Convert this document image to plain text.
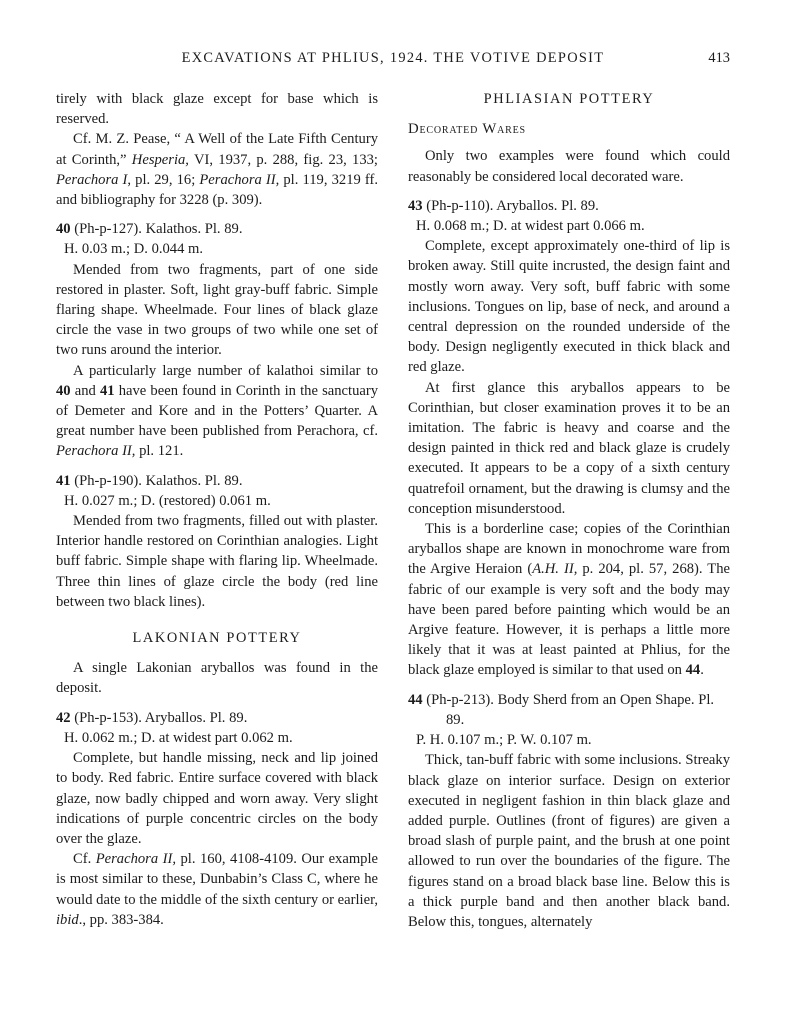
EXCAVATIONS AT PHLIUS, 1924. THE VOTIVE DEPOSIT	413

tirely with black glaze except for base which is reserved.

Cf. M. Z. Pease, “ A Well of the Late Fifth Century at Corinth,” Hesperia, VI, 1937, p. 288, fig. 23, 133; Perachora I, pl. 29, 16; Perachora II, pl. 119, 3219 ff. and bibliography for 3228 (p. 309).

40 (Ph-p-127). Kalathos. Pl. 89.

H. 0.03 m.; D. 0.044 m.

Mended from two fragments, part of one side restored in plaster. Soft, light gray-buff fabric. Simple flaring shape. Wheelmade. Four lines of black glaze circle the vase in two groups of two while one set of two runs around the interior.

A particularly large number of kalathoi similar to 40 and 41 have been found in Corinth in the sanctuary of Demeter and Kore and in the Potters’ Quarter. A great number have been published from Perachora, cf. Perachora II, pl. 121.

41 (Ph-p-190). Kalathos. Pl. 89.

H. 0.027 m.; D. (restored) 0.061 m.

Mended from two fragments, filled out with plaster. Interior handle restored on Corinthian analogies. Light buff fabric. Simple shape with flaring lip. Wheelmade. Three thin lines of glaze circle the body (red line between two black lines).

LAKONIAN POTTERY

A single Lakonian aryballos was found in the deposit.

42 (Ph-p-153). Aryballos. Pl. 89.

H. 0.062 m.; D. at widest part 0.062 m.

Complete, but handle missing, neck and lip joined to body. Red fabric. Entire surface covered with black glaze, now badly chipped and worn away. Very slight indications of purple concentric circles on the body over the glaze.

Cf. Perachora II, pl. 160, 4108-4109. Our example is most similar to these, Dunbabin’s Class C, where he would date to the middle of the sixth century or earlier, ibid., pp. 383-384.

PHLIASIAN POTTERY
Decorated Wares

Only two examples were found which could reasonably be considered local decorated ware.

43 (Ph-p-110). Aryballos. Pl. 89.

H. 0.068 m.; D. at widest part 0.066 m.

Complete, except approximately one-third of lip is broken away. Still quite incrusted, the design faint and mostly worn away. Very soft, buff fabric with some inclusions. Tongues on lip, base of neck, and around a central depression on the rounded underside of the body. Design negligently executed in thick black and red glaze.

At first glance this aryballos appears to be Corinthian, but closer examination proves it to be an imitation. The fabric is heavy and coarse and the design painted in thick red and black glaze is crudely executed. It appears to be a copy of a sixth century quatrefoil ornament, but the drawing is clumsy and the conception misunderstood.

This is a borderline case; copies of the Corinthian aryballos shape are known in monochrome ware from the Argive Heraion (A.H. II, p. 204, pl. 57, 268). The fabric of our example is very soft and the body may have been pared before painting which would be an Argive feature. However, it is perhaps a little more likely that it was at least painted at Phlius, for the black glaze employed is similar to that used on 44.

44 (Ph-p-213). Body Sherd from an Open Shape. Pl. 89.

P. H. 0.107 m.; P. W. 0.107 m.

Thick, tan-buff fabric with some inclusions. Streaky black glaze on interior surface. Design on exterior executed in negligent fashion in thin black glaze and added purple. Outlines (front of figures) are given a broad slash of purple paint, and the brush at one point allowed to run over the boundaries of the figure. The figures stand on a broad black base line. Below this is a thick purple band and then another black band. Below this, tongues, alternately
